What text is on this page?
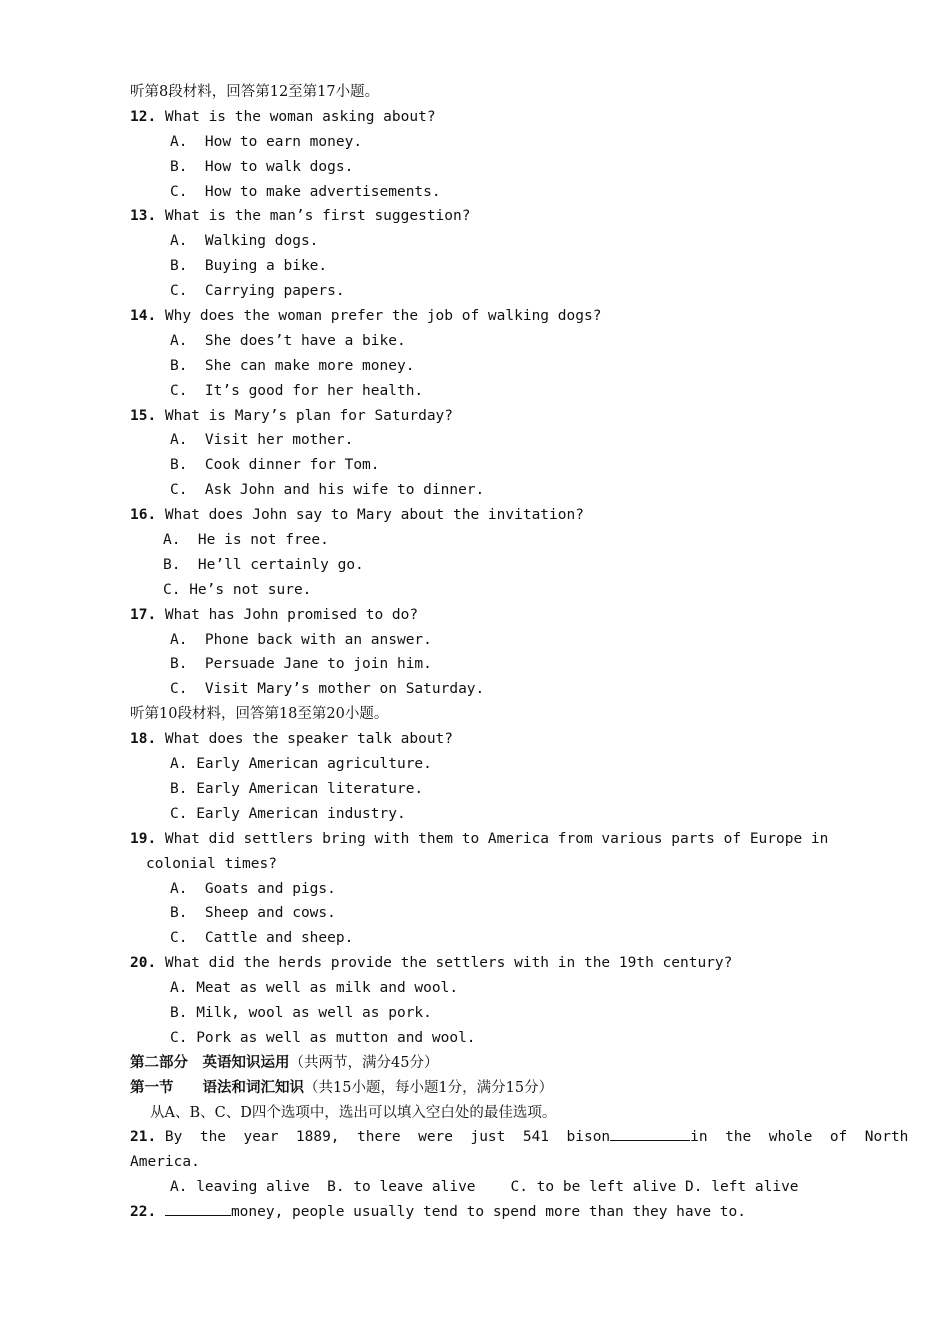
听第8段材料，回答第12至第17小题。
12. What is the woman asking about?
A.  How to earn money.
B.  How to walk dogs.
C.  How to make advertisements.
13. What is the man’s first suggestion?
A.  Walking dogs.
B.  Buying a bike.
C.  Carrying papers.
14. Why does the woman prefer the job of walking dogs?
A.  She does’t have a bike.
B.  She can make more money.
C.  It’s good for her health.
15. What is Mary’s plan for Saturday?
A.  Visit her mother.
B.  Cook dinner for Tom.
C.  Ask John and his wife to dinner.
16. What does John say to Mary about the invitation?
A.  He is not free.
B.  He’ll certainly go.
C. He’s not sure.
17. What has John promised to do?
A.  Phone back with an answer.
B.  Persuade Jane to join him.
C.  Visit Mary’s mother on Saturday.
听第10段材料，回答第18至第20小题。
18. What does the speaker talk about?
A. Early American agriculture.
B. Early American literature.
C. Early American industry.
19. What did settlers bring with them to America from various parts of Europe in
colonial times?
A.  Goats and pigs.
B.  Sheep and cows.
C.  Cattle and sheep.
20. What did the herds provide the settlers with in the 19th century?
A. Meat as well as milk and wool.
B. Milk, wool as well as pork.
C. Pork as well as mutton and wool.
第二部分　英语知识运用（共两节，满分45分）
第一节　　语法和词汇知识（共15小题，每小题1分，满分15分）
从A、B、C、D四个选项中，选出可以填入空白处的最佳选项。
21. By  the  year  1889,  there  were  just  541  bison	in  the  whole  of  North
America.
A. leaving alive  B. to leave alive    C. to be left alive D. left alive
22.	money, people usually tend to spend more than they have to.
